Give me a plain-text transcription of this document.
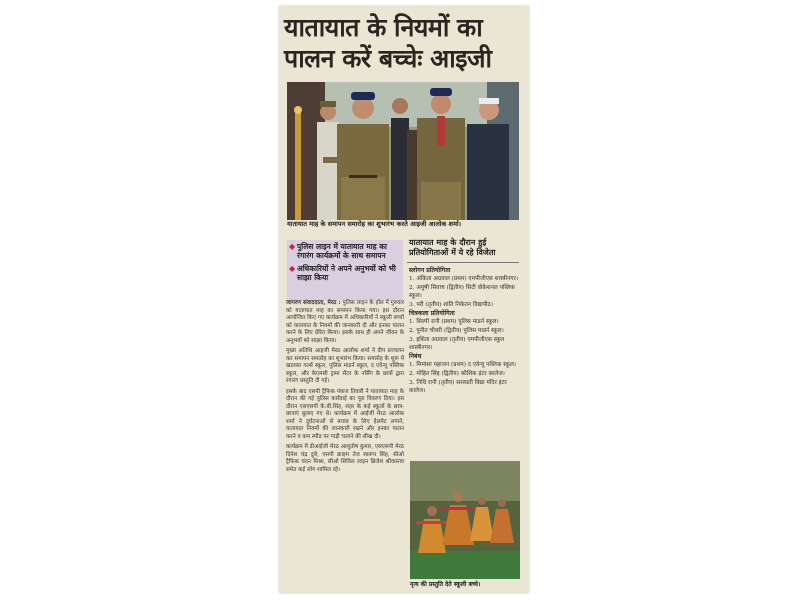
यातायात के नियमों का
पालन करें बच्चेः आइजी
यातायात माह के समापन समारोह का शुभारंभ करते आइजी आलोक शर्मा।
◆ पुलिस लाइन में यातायात माह का रंगारंग कार्यक्रमों के साथ समापन
◆ अधिकारियों ने अपने अनुभवों को भी साझा किया
यातायात माह के दौरान हुई प्रतियोगिताओं में ये रहे विजेता

जागरण संवाददाता, मेरठ : पुलिस लाइन के हॉल में गुरुवार को यातायात माह का समापन किया गया। इस दौरान आयोजित किए गए कार्यक्रम में अधिकारियों ने स्कूली बच्चों को यातायात के नियमों की जानकारी दी और इनका पालन करने के लिए प्रेरित किया। इसके साथ ही अपने जीवन के अनुभवों को साझा किया।

मुख्य अतिथि आइजी मेरठ आलोक शर्मा ने दीप प्रज्वलन कर समापन समारोह का शुभारंभ किया। समारोह के शुरू में खालसा गर्ल्स स्कूल, पुलिस माडर्न स्कूल, द एवेन्यू पब्लिक स्कूल, और केएमसी ट्रामा सेंटर के नर्सिंग के छात्रों द्वारा रंगारंग प्रस्तुति दी गई।

इसके बाद एसपी ट्रैफिक पंकज तिवारी ने यातायात माह के दौरान की गई पुलिस कार्रवाई का पूरा विवरण दिया। इस दौरान एसएसपी के.बी.सिंह, शहर के कई स्कूलों के छात्र-छात्राएं बुलाए गए थे। कार्यक्रम में आईजी मेरठ आलोक शर्मा ने दुर्घटनाओं से बचाव के लिए हेलमेट लगाने, यातायात नियमों की जानकारी रखने और इनका पालन करने व कम स्पीड पर गाड़ी चलाने की सीख दी।

कार्यक्रम में डीआईजी मेरठ आशुतोष कुमार, एसएसपी मेरठ दिनेश चंद्र दुबे, एसपी क्राइम तेज स्वरूप सिंह, सीओ ट्रैफिक चंदन मिश्रा, सीओ सिविल लाइन ब्रिजेश श्रीवास्तव समेत कई लोग शामिल रहे।

स्लोगन प्रतियोगिता
1. अंकिता अग्रवाल (प्रथम) एमपीजीएस शास्त्रीनगर।
2. अयुषी सिवाच (द्वितीय) सिटी वोकेशनल पब्लिक स्कूल।
3. परी (तृतीय) शांति निकेतन विद्यापीठ।
चित्रकला प्रतियोगिता
1. शिल्पी रानी (प्रथम) पुलिस माडर्न स्कूल।
2. पुनीत चौधरी (द्वितीय) पुलिस माडर्न स्कूल।
3. इशिता अग्रवाल (तृतीय) एमपीजीएस स्कूल शास्त्रीनगर।
निबंध
1. मिमांसा महाजन (प्रथम) द एवेन्यू पब्लिक स्कूल।
2. मोहित सिंह (द्वितीय) कौशिक इंटर कालेज।
3. निधि रानी (तृतीय) सरस्वती विद्या मंदिर इंटर कालेज।
नृत्य की प्रस्तुति देते स्कूली बच्चे।
